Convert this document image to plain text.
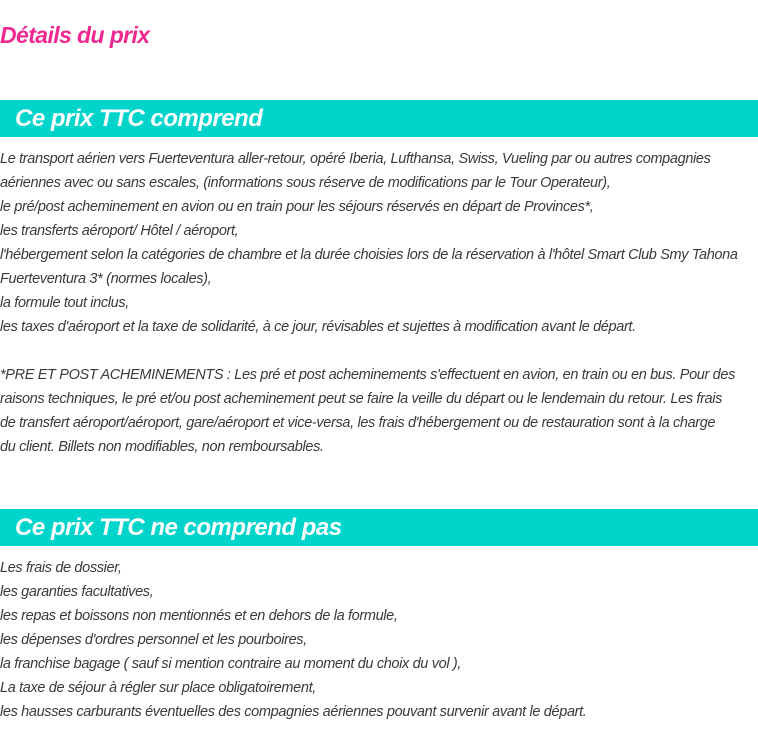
Détails du prix
Ce prix TTC comprend
Le transport aérien vers Fuerteventura aller-retour, opéré Iberia, Lufthansa, Swiss, Vueling par ou autres compagnies
aériennes avec ou sans escales, (informations sous réserve de modifications par le Tour Operateur),
le pré/post acheminement en avion ou en train pour les séjours réservés en départ de Provinces*,
les transferts aéroport/ Hôtel / aéroport,
l'hébergement selon la catégories de chambre et la durée choisies lors de la réservation à l'hôtel Smart Club Smy Tahona
Fuerteventura 3* (normes locales),
la formule tout inclus,
les taxes d'aéroport et la taxe de solidarité, à ce jour, révisables et sujettes à modification avant le départ.
*PRE ET POST ACHEMINEMENTS : Les pré et post acheminements s'effectuent en avion, en train ou en bus. Pour des
raisons techniques, le pré et/ou post acheminement peut se faire la veille du départ ou le lendemain du retour. Les frais
de transfert aéroport/aéroport, gare/aéroport et vice-versa, les frais d'hébergement ou de restauration sont à la charge
du client. Billets non modifiables, non remboursables.
Ce prix TTC ne comprend pas
Les frais de dossier,
les garanties facultatives,
les repas et boissons non mentionnés et en dehors de la formule,
les dépenses d'ordres personnel et les pourboires,
la franchise bagage ( sauf si mention contraire au moment du choix du vol ),
La taxe de séjour à régler sur place obligatoirement,
les hausses carburants éventuelles des compagnies aériennes pouvant survenir avant le départ.
